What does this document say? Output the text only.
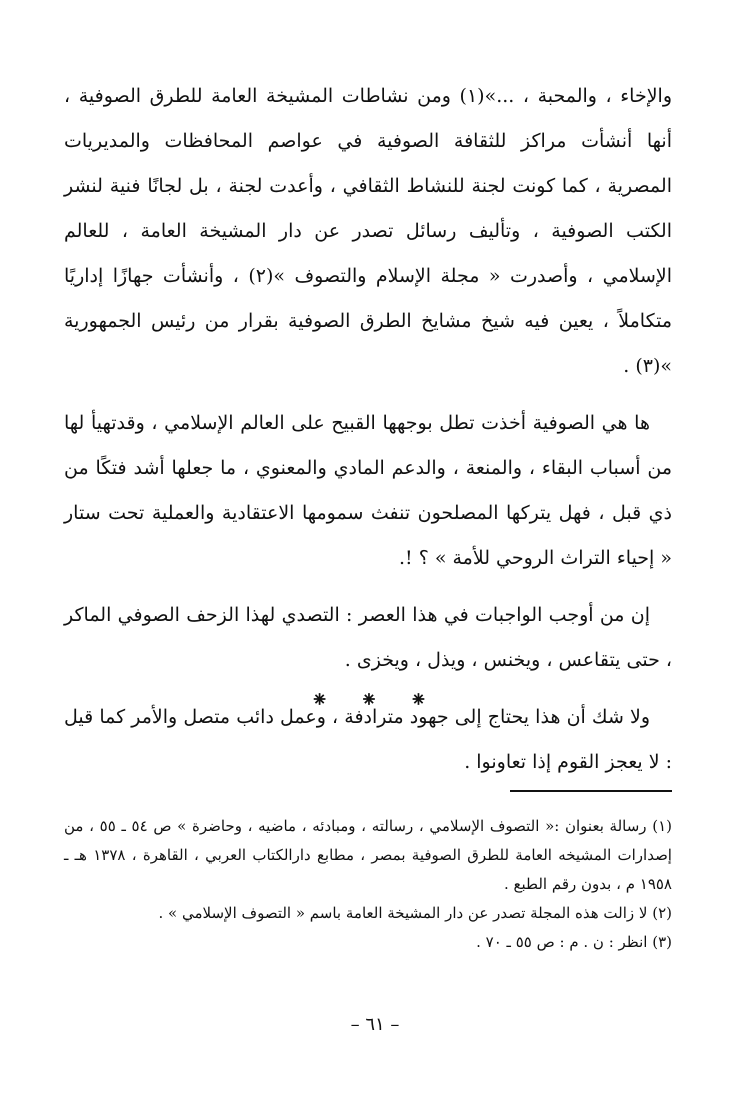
والإخاء ، والمحبة ، ...»(١) ومن نشاطات المشيخة العامة للطرق الصوفية ، أنها أنشأت مراكز للثقافة الصوفية في عواصم المحافظات والمديريات المصرية ، كما كونت لجنة للنشاط الثقافي ، وأعدت لجنة ، بل لجانًا فنية لنشر الكتب الصوفية ، وتأليف رسائل تصدر عن دار المشيخة العامة ، للعالم الإسلامي ، وأصدرت « مجلة الإسلام والتصوف »(٢) ، وأنشأت جهازًا إداريًا متكاملاً ، يعين فيه شيخ مشايخ الطرق الصوفية بقرار من رئيس الجمهورية »(٣) .

ها هي الصوفية أخذت تطل بوجهها القبيح على العالم الإسلامي ، وقدتهيأ لها من أسباب البقاء ، والمنعة ، والدعم المادي والمعنوي ، ما جعلها أشد فتكًا من ذي قبل ، فهل يتركها المصلحون تنفث سمومها الاعتقادية والعملية تحت ستار « إحياء التراث الروحي للأمة » ؟ !.

إن من أوجب الواجبات في هذا العصر : التصدي لهذا الزحف الصوفي الماكر ، حتى يتقاعس ، ويخنس ، ويذل ، ويخزى .

ولا شك أن هذا يحتاج إلى جهود مترادفة ، وعمل دائب متصل والأمر كما قيل : لا يعجز القوم إذا تعاونوا .

⁕ ⁕ ⁕

(١) رسالة بعنوان :« التصوف الإسلامي ، رسالته ، ومبادئه ، ماضيه ، وحاضرة » ص ٥٤ ـ ٥٥ ، من إصدارات المشيخه العامة للطرق الصوفية بمصر ، مطابع دارالكتاب العربي ، القاهرة ، ١٣٧٨ هـ ـ ١٩٥٨ م ، بدون رقم الطبع .

(٢) لا زالت هذه المجلة تصدر عن دار المشيخة العامة باسم « التصوف الإسلامي » .

(٣) انظر : ن . م : ص ٥٥ ـ ٧٠ .

– ٦١ –
